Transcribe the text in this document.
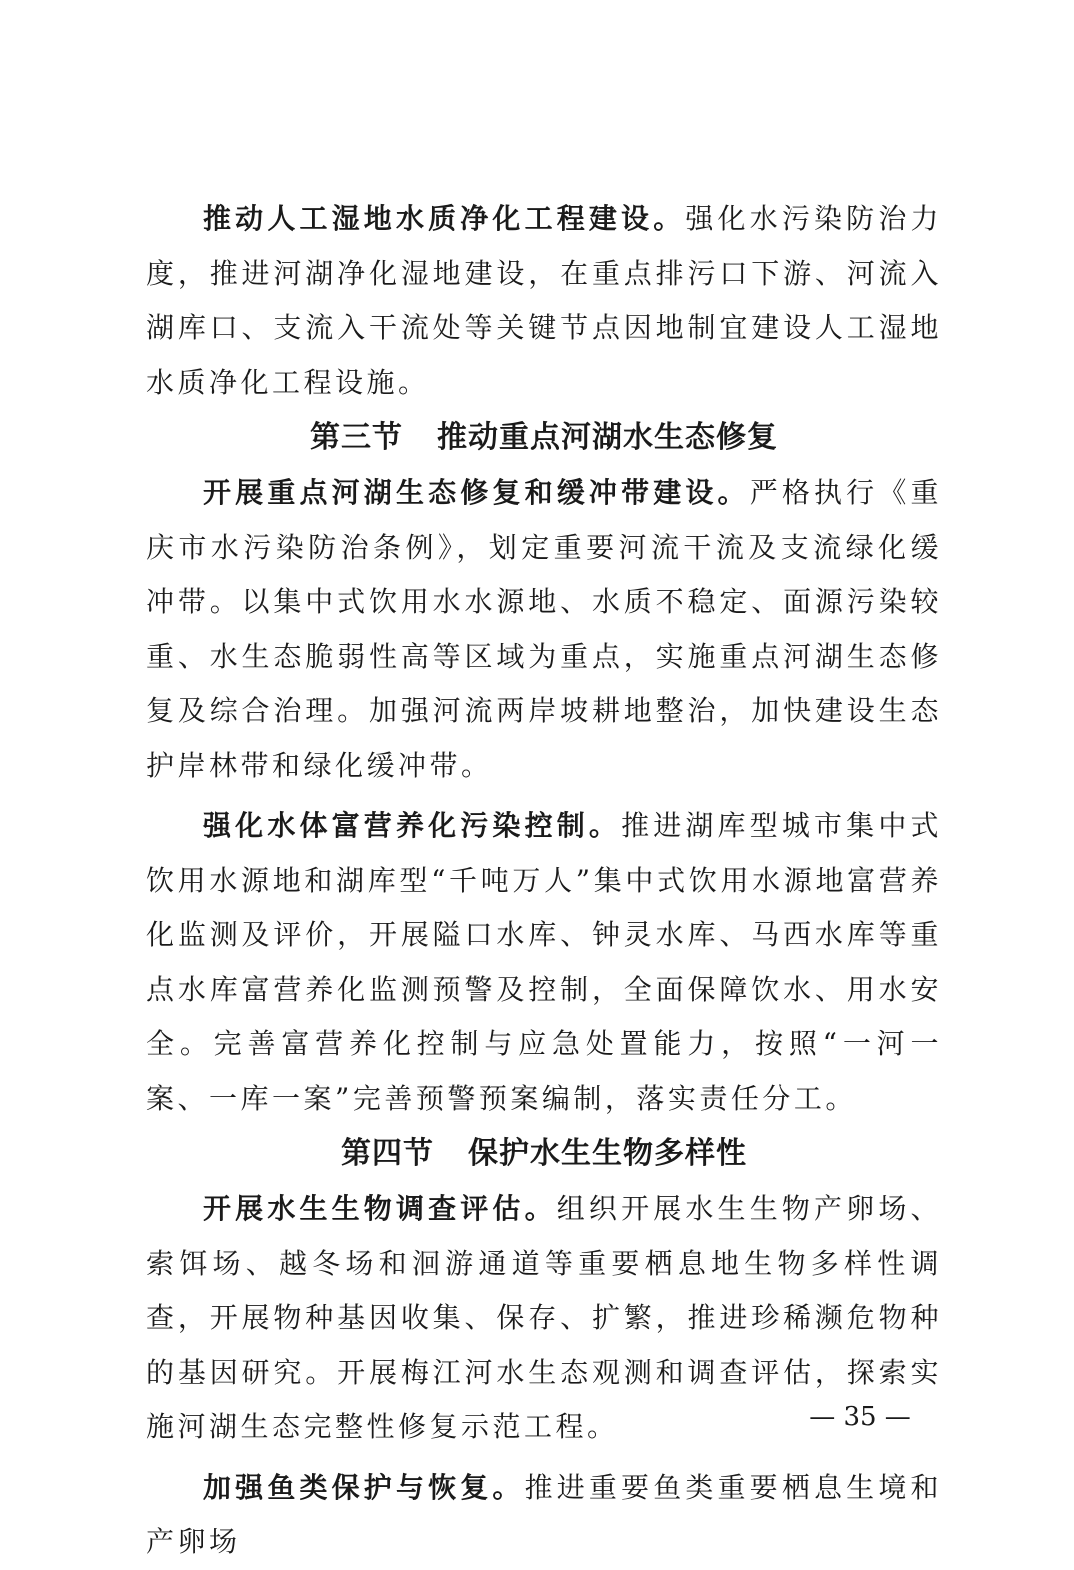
推动人工湿地水质净化工程建设。强化水污染防治力度，推进河湖净化湿地建设，在重点排污口下游、河流入湖库口、支流入干流处等关键节点因地制宜建设人工湿地水质净化工程设施。

第三节 推动重点河湖水生态修复

开展重点河湖生态修复和缓冲带建设。严格执行《重庆市水污染防治条例》，划定重要河流干流及支流绿化缓冲带。以集中式饮用水水源地、水质不稳定、面源污染较重、水生态脆弱性高等区域为重点，实施重点河湖生态修复及综合治理。加强河流两岸坡耕地整治，加快建设生态护岸林带和绿化缓冲带。

强化水体富营养化污染控制。推进湖库型城市集中式饮用水源地和湖库型“千吨万人”集中式饮用水源地富营养化监测及评价，开展隘口水库、钟灵水库、马西水库等重点水库富营养化监测预警及控制，全面保障饮水、用水安全。完善富营养化控制与应急处置能力，按照“一河一案、一库一案”完善预警预案编制，落实责任分工。

第四节 保护水生生物多样性

开展水生生物调查评估。组织开展水生生物产卵场、索饵场、越冬场和洄游通道等重要栖息地生物多样性调查，开展物种基因收集、保存、扩繁，推进珍稀濒危物种的基因研究。开展梅江河水生态观测和调查评估，探索实施河湖生态完整性修复示范工程。

加强鱼类保护与恢复。推进重要鱼类重要栖息生境和产卵场

— 35 —
